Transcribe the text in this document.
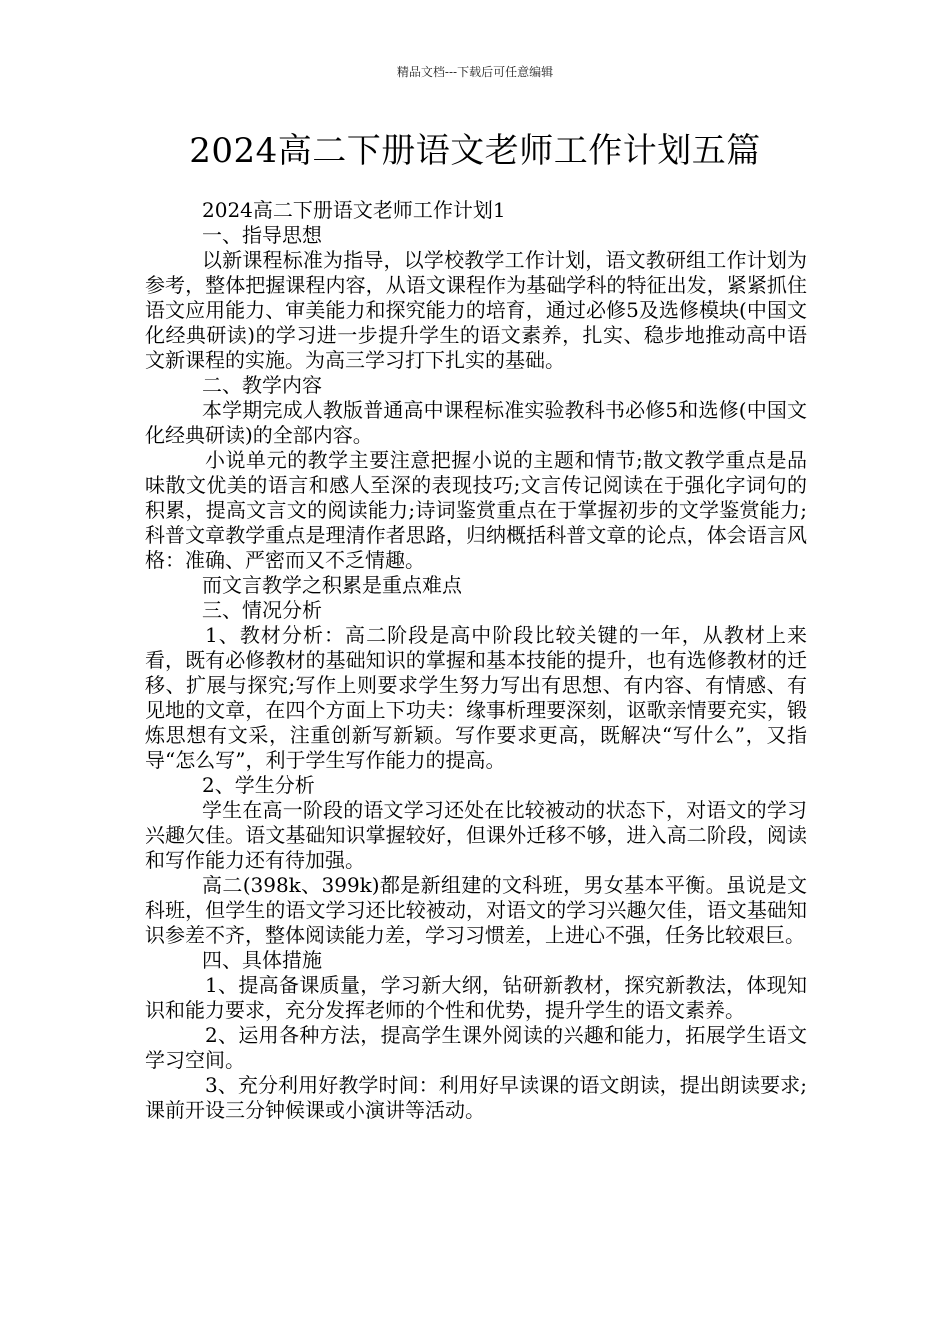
精品文档---下载后可任意编辑
2024高二下册语文老师工作计划五篇

2024高二下册语文老师工作计划1

一、指导思想

以新课程标准为指导，以学校教学工作计划，语文教研组工作计划为参考，整体把握课程内容，从语文课程作为基础学科的特征出发，紧紧抓住语文应用能力、审美能力和探究能力的培育，通过必修5及选修模块(中国文化经典研读)的学习进一步提升学生的语文素养，扎实、稳步地推动高中语文新课程的实施。为高三学习打下扎实的基础。

二、教学内容

本学期完成人教版普通高中课程标准实验教科书必修5和选修(中国文化经典研读)的全部内容。

小说单元的教学主要注意把握小说的主题和情节;散文教学重点是品味散文优美的语言和感人至深的表现技巧;文言传记阅读在于强化字词句的积累，提高文言文的阅读能力;诗词鉴赏重点在于掌握初步的文学鉴赏能力;科普文章教学重点是理清作者思路，归纳概括科普文章的论点，体会语言风格：准确、严密而又不乏情趣。

而文言教学之积累是重点难点

三、情况分析

1、教材分析：高二阶段是高中阶段比较关键的一年，从教材上来看，既有必修教材的基础知识的掌握和基本技能的提升，也有选修教材的迁移、扩展与探究;写作上则要求学生努力写出有思想、有内容、有情感、有见地的文章，在四个方面上下功夫：缘事析理要深刻，讴歌亲情要充实，锻炼思想有文采，注重创新写新颖。写作要求更高，既解决“写什么”，又指导“怎么写”，利于学生写作能力的提高。

2、学生分析

学生在高一阶段的语文学习还处在比较被动的状态下，对语文的学习兴趣欠佳。语文基础知识掌握较好，但课外迁移不够，进入高二阶段，阅读和写作能力还有待加强。

高二(398k、399k)都是新组建的文科班，男女基本平衡。虽说是文科班，但学生的语文学习还比较被动，对语文的学习兴趣欠佳，语文基础知识参差不齐，整体阅读能力差，学习习惯差，上进心不强，任务比较艰巨。

四、具体措施

1、提高备课质量，学习新大纲，钻研新教材，探究新教法，体现知识和能力要求，充分发挥老师的个性和优势，提升学生的语文素养。

2、运用各种方法，提高学生课外阅读的兴趣和能力，拓展学生语文学习空间。

3、充分利用好教学时间：利用好早读课的语文朗读，提出朗读要求;课前开设三分钟候课或小演讲等活动。
